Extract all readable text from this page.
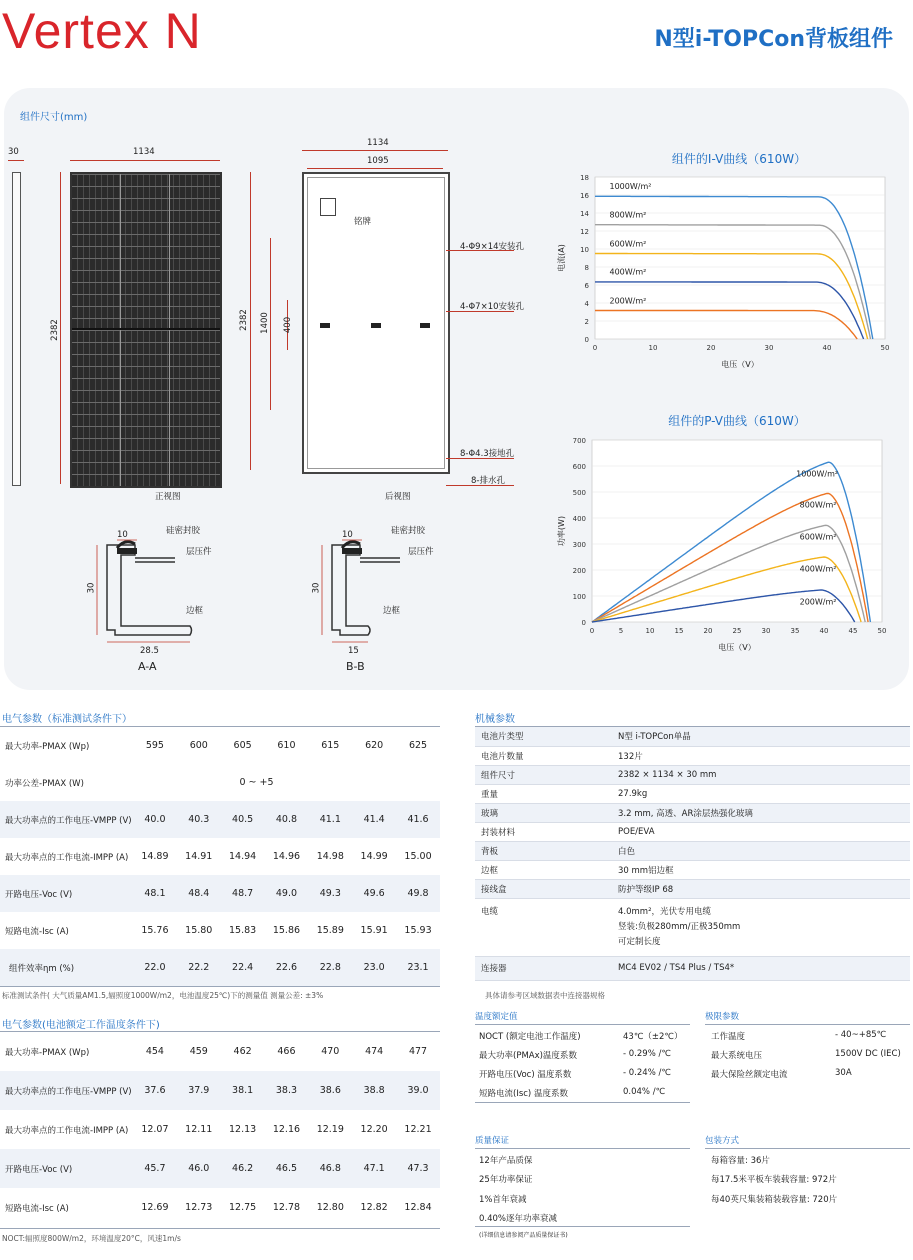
Vertex N	N型i-TOPCon背板组件
组件尺寸(mm)
30	1134
2382
正视图
1134
1095
铭牌
2382 1400 400
4-Φ9×14安装孔
4-Φ7×10安装孔
8-Φ4.3接地孔
8-排水孔
后视图
10	硅密封胶
层压件
30
边框
28.5
A-A
10	硅密封胶
层压件
30
边框
15
B-B
组件的I-V曲线（610W）
0
2
4
6
8
10
12
14
16
18
0	10	20	30	40	50
电压（V）
电流(A)
1000W/m²
800W/m²
600W/m²
400W/m²
200W/m²
组件的P-V曲线（610W）
0
100
200
300
400
500
600
700
0	5	10	15	20	25	30	35	40	45	50
电压（V）
功率(W)
1000W/m²
800W/m²
600W/m²
400W/m²
200W/m²
电气参数（标准测试条件下）
最大功率-PMAX (Wp)	595	600	605	610	615	620	625
功率公差-PMAX (W)	0 ~ +5						
最大功率点的工作电压-VMPP (V)	40.0	40.3	40.5	40.8	41.1	41.4	41.6
最大功率点的工作电流-IMPP (A)	14.89	14.91	14.94	14.96	14.98	14.99	15.00
开路电压-Voc (V)	48.1	48.4	48.7	49.0	49.3	49.6	49.8
短路电流-Isc (A)	15.76	15.80	15.83	15.86	15.89	15.91	15.93
组件效率ηm (%)	22.0	22.2	22.4	22.6	22.8	23.0	23.1
标准测试条件( 大气质量AM1.5,辐照度1000W/m2，电池温度25℃)下的测量值 测量公差: ±3%
电气参数(电池额定工作温度条件下)
最大功率-PMAX (Wp)	454	459	462	466	470	474	477
最大功率点的工作电压-VMPP (V)	37.6	37.9	38.1	38.3	38.6	38.8	39.0
最大功率点的工作电流-IMPP (A)	12.07	12.11	12.13	12.16	12.19	12.20	12.21
开路电压-Voc (V)	45.7	46.0	46.2	46.5	46.8	47.1	47.3
短路电流-Isc (A)	12.69	12.73	12.75	12.78	12.80	12.82	12.84
NOCT:辐照度800W/m2，环境温度20°C，风速1m/s
机械参数
电池片类型	N型 i-TOPCon单晶
电池片数量	132片
组件尺寸	2382 × 1134 × 30 mm
重量	27.9kg
玻璃	3.2 mm, 高透、AR涂层热强化玻璃
封装材料	POE/EVA
背板	白色
边框	30 mm铝边框
接线盒	防护等级IP 68
电缆	4.0mm²，光伏专用电缆
竖装:负极280mm/正极350mm
可定制长度

连接器	MC4 EV02 / TS4 Plus / TS4*
具体请参考区域数据表中连接器规格
温度额定值
NOCT (额定电池工作温度)	43℃（±2℃）
最大功率(PMAx)温度系数	- 0.29% /℃
开路电压(Voc) 温度系数	- 0.24% /℃
短路电流(Isc) 温度系数	0.04% /℃
极限参数
工作温度	- 40~+85℃
最大系统电压	1500V DC (IEC)
最大保险丝额定电流	30A
质量保证
12年产品质保
25年功率保证
1%首年衰减
0.40%逐年功率衰减
(详细信息请参阅产品质量保证书)
包装方式
每箱容量: 36片
每17.5米平板车装载容量: 972片
每40英尺集装箱装载容量: 720片
